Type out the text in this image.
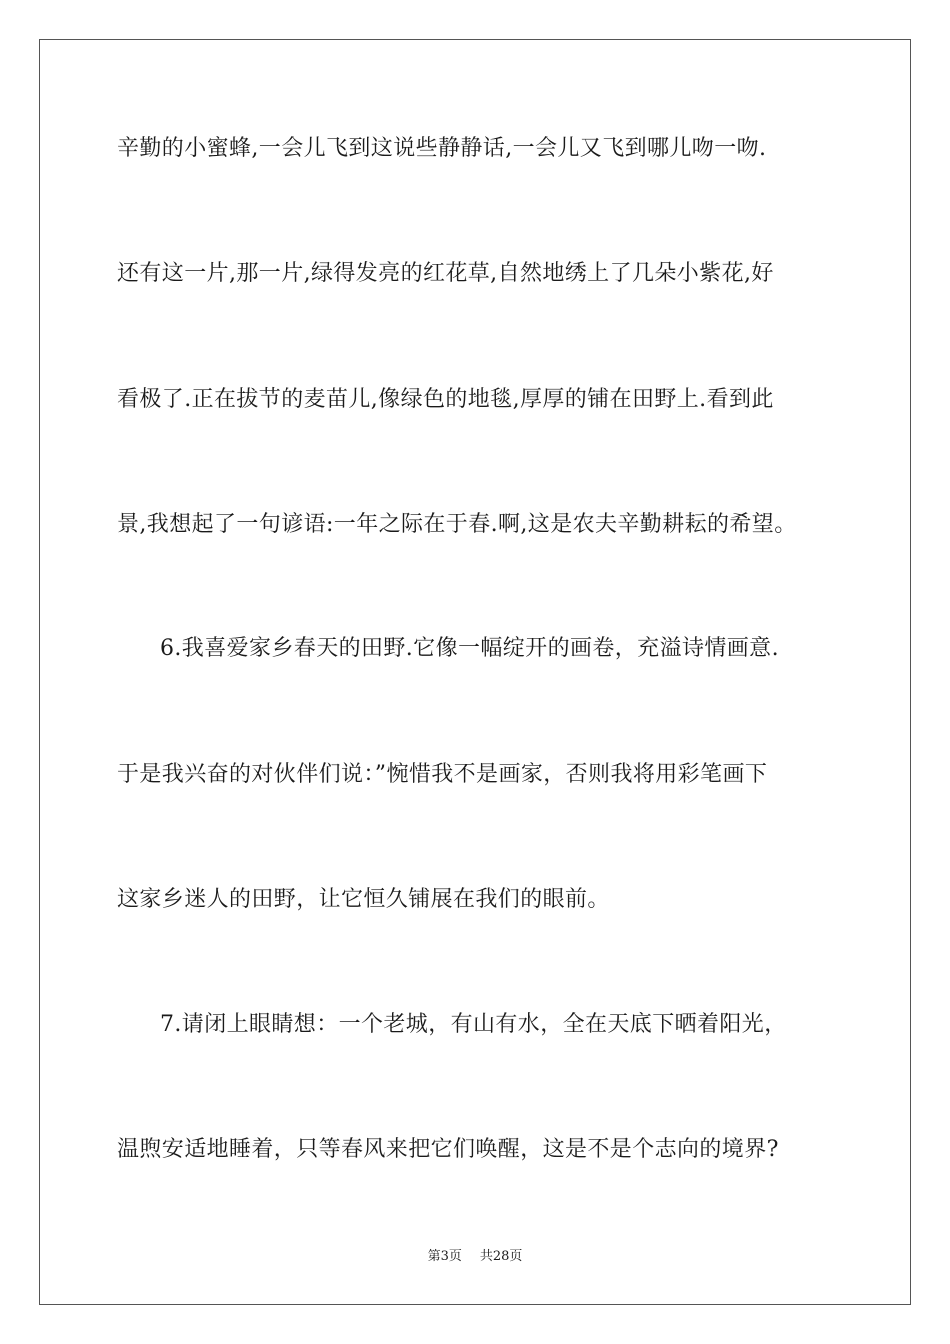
辛勤的小蜜蜂,一会儿飞到这说些静静话,一会儿又飞到哪儿吻一吻.
还有这一片,那一片,绿得发亮的红花草,自然地绣上了几朵小紫花,好
看极了.正在拔节的麦苗儿,像绿色的地毯,厚厚的铺在田野上.看到此
景,我想起了一句谚语:一年之际在于春.啊,这是农夫辛勤耕耘的希望。
6.我喜爱家乡春天的田野.它像一幅绽开的画卷，充溢诗情画意.
于是我兴奋的对伙伴们说：”惋惜我不是画家，否则我将用彩笔画下
这家乡迷人的田野，让它恒久铺展在我们的眼前。
7.请闭上眼睛想：一个老城，有山有水，全在天底下晒着阳光，
温煦安适地睡着，只等春风来把它们唤醒，这是不是个志向的境界?
第3页 共28页
